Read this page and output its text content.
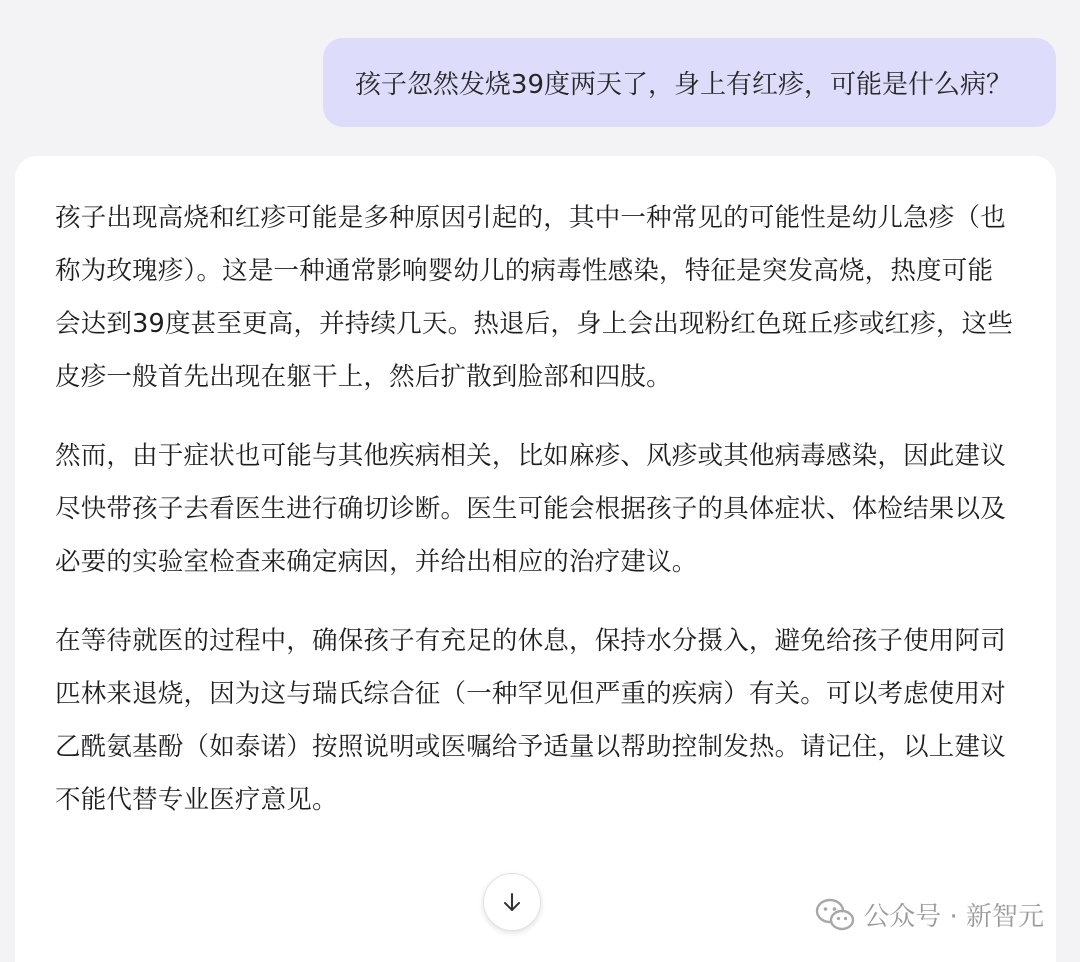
孩子忽然发烧39度两天了，身上有红疹，可能是什么病？

孩子出现高烧和红疹可能是多种原因引起的，其中一种常见的可能性是幼儿急疹（也称为玫瑰疹）。这是一种通常影响婴幼儿的病毒性感染，特征是突发高烧，热度可能会达到39度甚至更高，并持续几天。热退后，身上会出现粉红色斑丘疹或红疹，这些皮疹一般首先出现在躯干上，然后扩散到脸部和四肢。

然而，由于症状也可能与其他疾病相关，比如麻疹、风疹或其他病毒感染，因此建议尽快带孩子去看医生进行确切诊断。医生可能会根据孩子的具体症状、体检结果以及必要的实验室检查来确定病因，并给出相应的治疗建议。

在等待就医的过程中，确保孩子有充足的休息，保持水分摄入，避免给孩子使用阿司匹林来退烧，因为这与瑞氏综合征（一种罕见但严重的疾病）有关。可以考虑使用对乙酰氨基酚（如泰诺）按照说明或医嘱给予适量以帮助控制发热。请记住，以上建议不能代替专业医疗意见。

公众号 · 新智元
